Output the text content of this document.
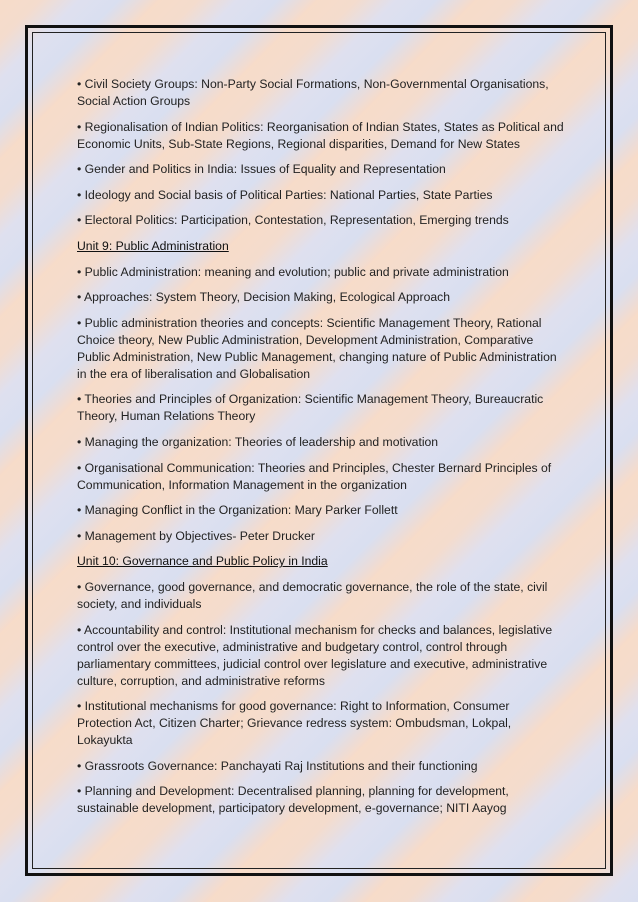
• Civil Society Groups: Non-Party Social Formations, Non-Governmental Organisations, Social Action Groups

• Regionalisation of Indian Politics: Reorganisation of Indian States, States as Political and Economic Units, Sub-State Regions, Regional disparities, Demand for New States

• Gender and Politics in India: Issues of Equality and Representation

• Ideology and Social basis of Political Parties: National Parties, State Parties

• Electoral Politics: Participation, Contestation, Representation, Emerging trends

Unit 9: Public Administration

• Public Administration: meaning and evolution; public and private administration

• Approaches: System Theory, Decision Making, Ecological Approach

• Public administration theories and concepts: Scientific Management Theory, Rational Choice theory, New Public Administration, Development Administration, Comparative Public Administration, New Public Management, changing nature of Public Administration in the era of liberalisation and Globalisation

• Theories and Principles of Organization: Scientific Management Theory, Bureaucratic Theory, Human Relations Theory

• Managing the organization: Theories of leadership and motivation

• Organisational Communication: Theories and Principles, Chester Bernard Principles of Communication, Information Management in the organization

• Managing Conflict in the Organization: Mary Parker Follett

• Management by Objectives- Peter Drucker

Unit 10: Governance and Public Policy in India

• Governance, good governance, and democratic governance, the role of the state, civil society, and individuals

• Accountability and control: Institutional mechanism for checks and balances, legislative control over the executive, administrative and budgetary control, control through parliamentary committees, judicial control over legislature and executive, administrative culture, corruption, and administrative reforms

• Institutional mechanisms for good governance: Right to Information, Consumer Protection Act, Citizen Charter; Grievance redress system: Ombudsman, Lokpal, Lokayukta

• Grassroots Governance: Panchayati Raj Institutions and their functioning

• Planning and Development: Decentralised planning, planning for development, sustainable development, participatory development, e-governance; NITI Aayog
